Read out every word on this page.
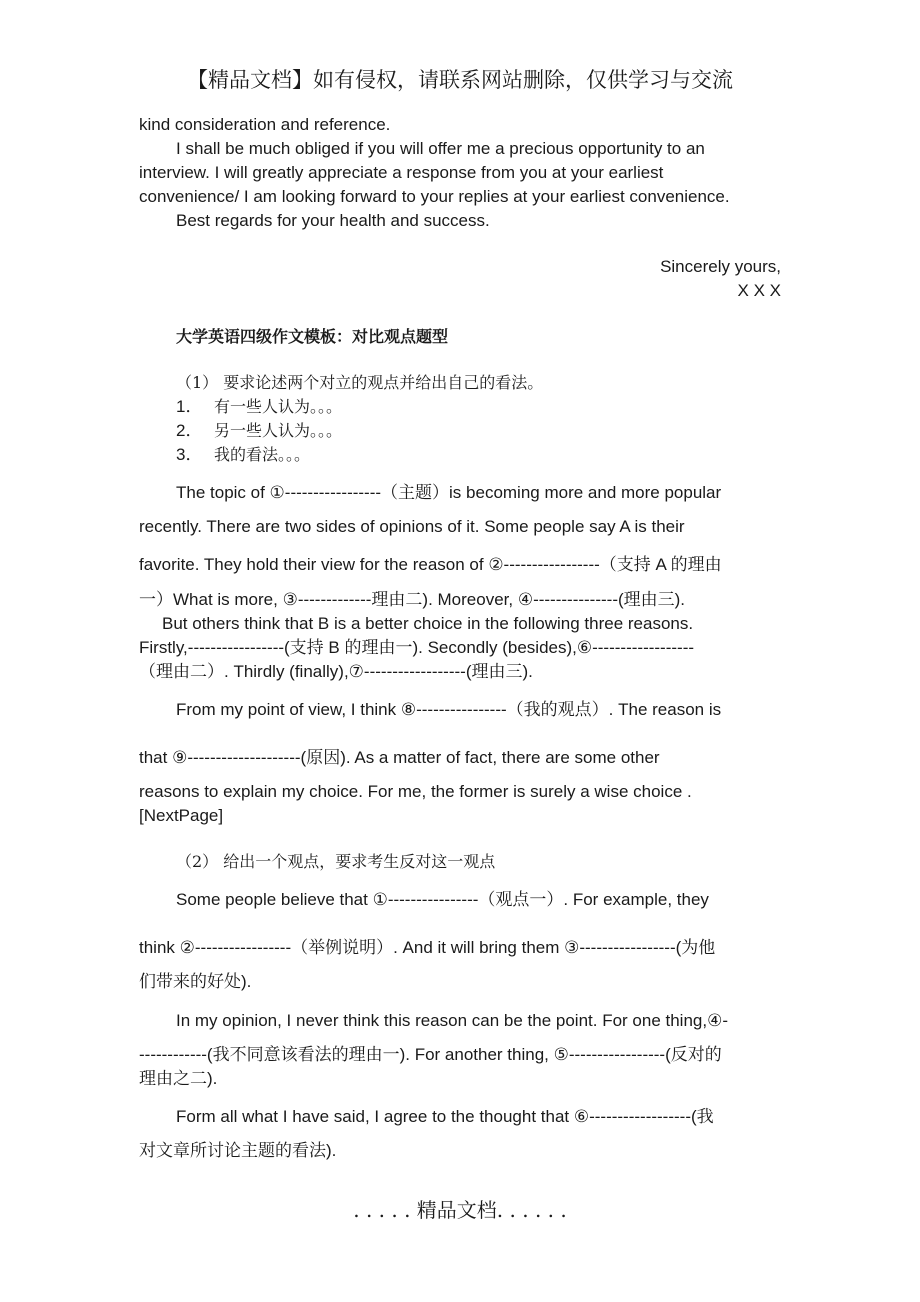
【精品文档】如有侵权，请联系网站删除，仅供学习与交流
kind consideration and reference.
I shall be much obliged if you will offer me a precious opportunity to an
interview. I will greatly appreciate a response from you at your earliest
convenience/ I am looking forward to your replies at your earliest convenience.
Best regards for your health and success.
Sincerely yours,
X X X
大学英语四级作文模板：对比观点题型
（1） 要求论述两个对立的观点并给出自己的看法。
1． 有一些人认为。。。
2． 另一些人认为。。。
3． 我的看法。。。
The topic of ①-----------------（主题）is becoming more and more popular
recently. There are two sides of opinions of it. Some people say A is their
favorite. They hold their view for the reason of ②-----------------（支持 A 的理由
一）What is more, ③-------------理由二). Moreover, ④---------------(理由三).
But others think that B is a better choice in the following three reasons.
Firstly,-----------------(支持 B 的理由一). Secondly (besides),⑥------------------
（理由二）. Thirdly (finally),⑦------------------(理由三).
From my point of view, I think ⑧----------------（我的观点）. The reason is
that ⑨--------------------(原因). As a matter of fact, there are some other
reasons to explain my choice. For me, the former is surely a wise choice .
[NextPage]
（2） 给出一个观点，要求考生反对这一观点
Some people believe that ①----------------（观点一）. For example, they
think ②-----------------（举例说明）. And it will bring them ③-----------------(为他
们带来的好处).
In my opinion, I never think this reason can be the point. For one thing,④-
------------(我不同意该看法的理由一). For another thing, ⑤-----------------(反对的
理由之二).
Form all what I have said, I agree to the thought that ⑥------------------(我
对文章所讨论主题的看法).
. . . . . 精品文档. . . . . .
